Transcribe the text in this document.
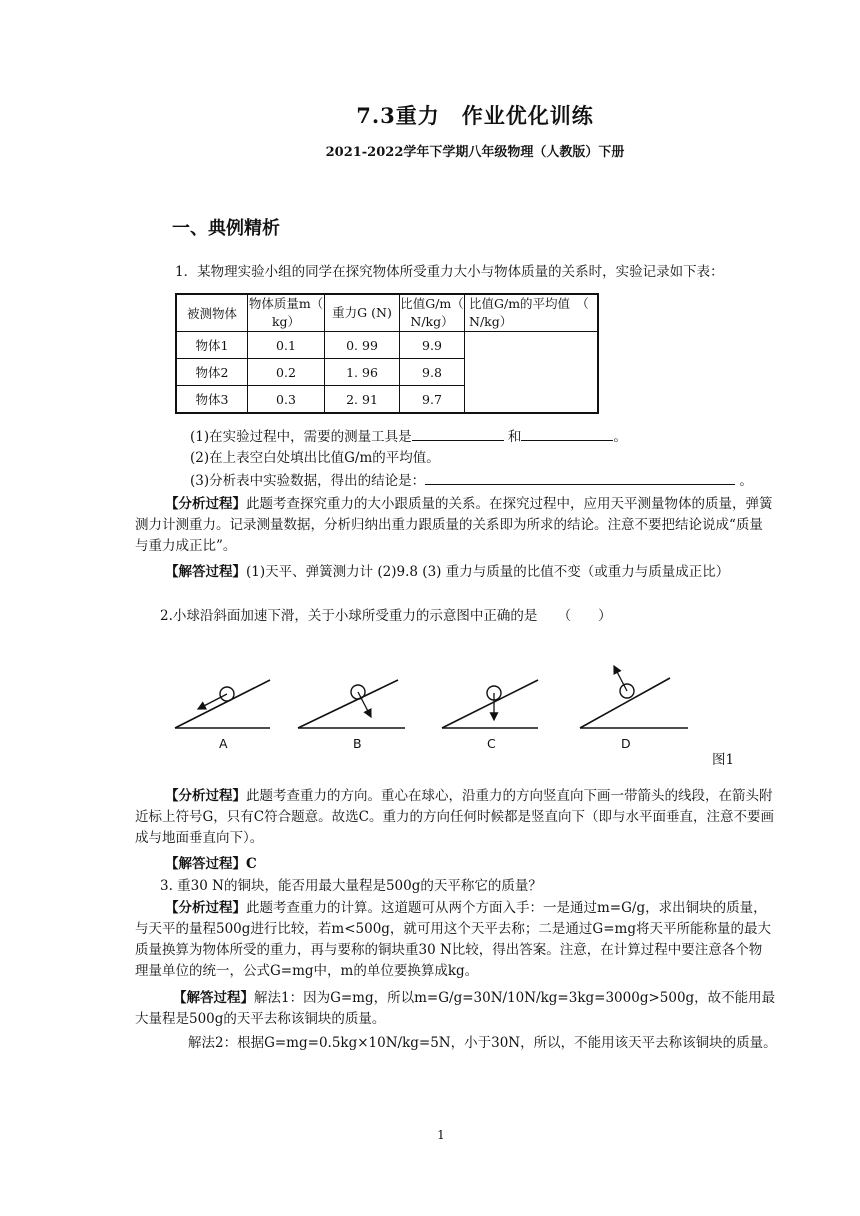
7.3重力　作业优化训练
2021-2022学年下学期八年级物理（人教版）下册
一、典例精析
1．某物理实验小组的同学在探究物体所受重力大小与物体质量的关系时，实验记录如下表：
被测物体	物体质量m（ kg）	重力G (N)	比值G/m（ N/kg）	比值G/m的平均值　（ N/kg）
物体1	0.1	0. 99	9.9	
物体2	0.2	1. 96	9.8	
物体3	0.3	2. 91	9.7	
(1)在实验过程中，需要的测量工具是	和	。
(2)在上表空白处填出比值G/m的平均值。
(3)分析表中实验数据，得出的结论是：	。
【分析过程】此题考查探究重力的大小跟质量的关系。在探究过程中，应用天平测量物体的质量，弹簧测力计测重力。记录测量数据，分析归纳出重力跟质量的关系即为所求的结论。注意不要把结论说成“质量与重力成正比”。
【解答过程】(1)天平、弹簧测力计 (2)9.8 (3) 重力与质量的比值不变（或重力与质量成正比）
2.小球沿斜面加速下滑，关于小球所受重力的示意图中正确的是　　（　　）
A	B	C	D
图1
【分析过程】此题考查重力的方向。重心在球心，沿重力的方向竖直向下画一带箭头的线段，在箭头附近标上符号G，只有C符合题意。故选C。重力的方向任何时候都是竖直向下（即与水平面垂直，注意不要画成与地面垂直向下）。
【解答过程】C
3. 重30 N的铜块，能否用最大量程是500g的天平称它的质量？
【分析过程】此题考查重力的计算。这道题可从两个方面入手：一是通过m=G/g，求出铜块的质量，与天平的量程500g进行比较，若m<500g，就可用这个天平去称；二是通过G=mg将天平所能称量的最大质量换算为物体所受的重力，再与要称的铜块重30 N比较，得出答案。注意，在计算过程中要注意各个物理量单位的统一，公式G=mg中，m的单位要换算成kg。
【解答过程】解法1：因为G=mg，所以m=G/g=30N/10N/kg=3kg=3000g>500g，故不能用最大量程是500g的天平去称该铜块的质量。
解法2：根据G=mg=0.5kg×10N/kg=5N，小于30N，所以，不能用该天平去称该铜块的质量。
1
